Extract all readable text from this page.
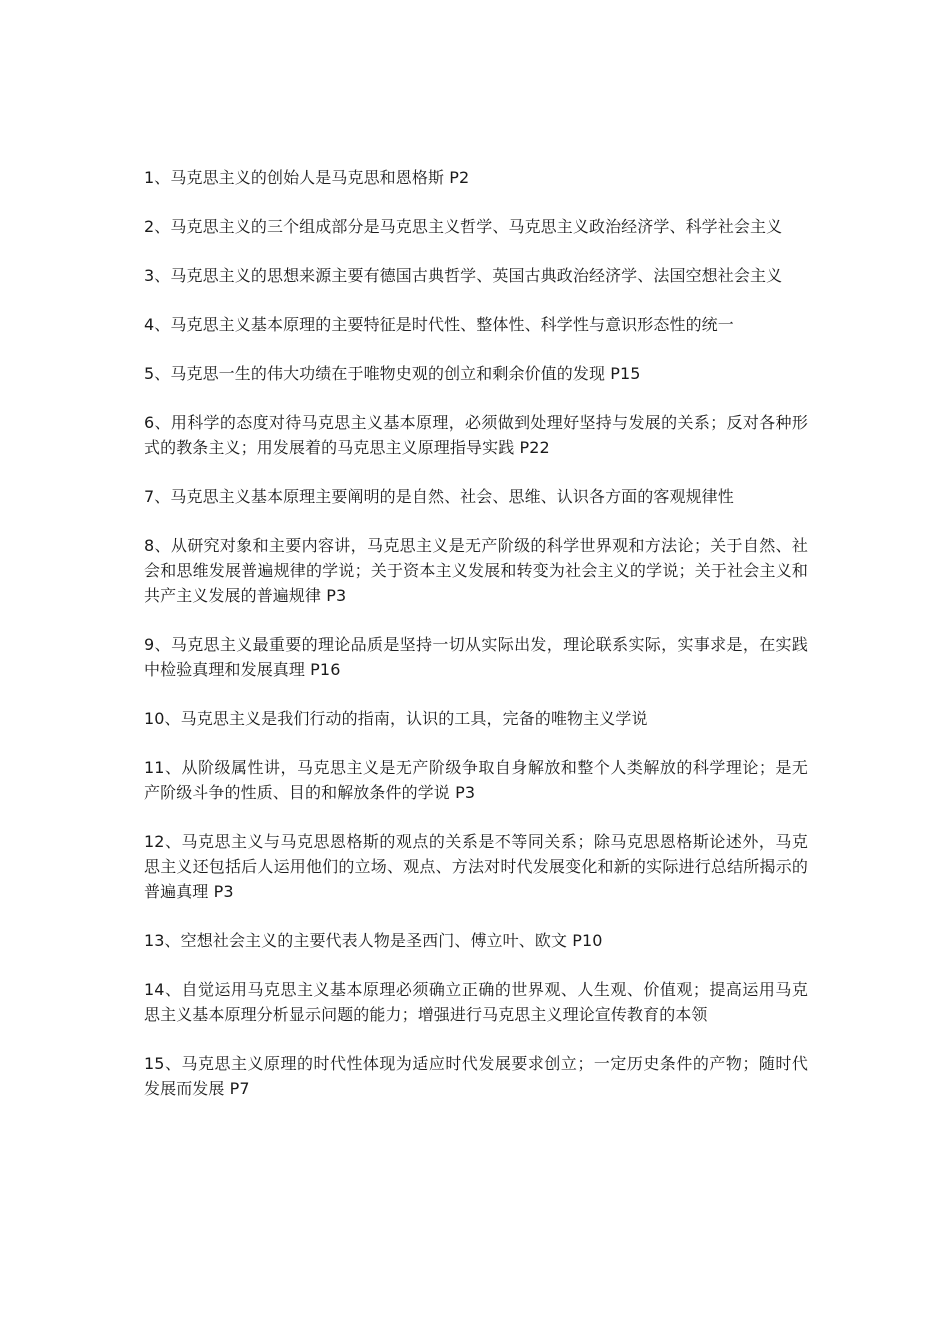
1、马克思主义的创始人是马克思和恩格斯 P2

2、马克思主义的三个组成部分是马克思主义哲学、马克思主义政治经济学、科学社会主义

3、马克思主义的思想来源主要有德国古典哲学、英国古典政治经济学、法国空想社会主义

4、马克思主义基本原理的主要特征是时代性、整体性、科学性与意识形态性的统一

5、马克思一生的伟大功绩在于唯物史观的创立和剩余价值的发现 P15

6、用科学的态度对待马克思主义基本原理，必须做到处理好坚持与发展的关系；反对各种形式的教条主义；用发展着的马克思主义原理指导实践 P22

7、马克思主义基本原理主要阐明的是自然、社会、思维、认识各方面的客观规律性

8、从研究对象和主要内容讲，马克思主义是无产阶级的科学世界观和方法论；关于自然、社会和思维发展普遍规律的学说；关于资本主义发展和转变为社会主义的学说；关于社会主义和共产主义发展的普遍规律 P3

9、马克思主义最重要的理论品质是坚持一切从实际出发，理论联系实际，实事求是，在实践中检验真理和发展真理 P16

10、马克思主义是我们行动的指南，认识的工具，完备的唯物主义学说

11、从阶级属性讲，马克思主义是无产阶级争取自身解放和整个人类解放的科学理论；是无产阶级斗争的性质、目的和解放条件的学说 P3

12、马克思主义与马克思恩格斯的观点的关系是不等同关系；除马克思恩格斯论述外，马克思主义还包括后人运用他们的立场、观点、方法对时代发展变化和新的实际进行总结所揭示的普遍真理 P3

13、空想社会主义的主要代表人物是圣西门、傅立叶、欧文 P10

14、自觉运用马克思主义基本原理必须确立正确的世界观、人生观、价值观；提高运用马克思主义基本原理分析显示问题的能力；增强进行马克思主义理论宣传教育的本领

15、马克思主义原理的时代性体现为适应时代发展要求创立；一定历史条件的产物；随时代发展而发展 P7
